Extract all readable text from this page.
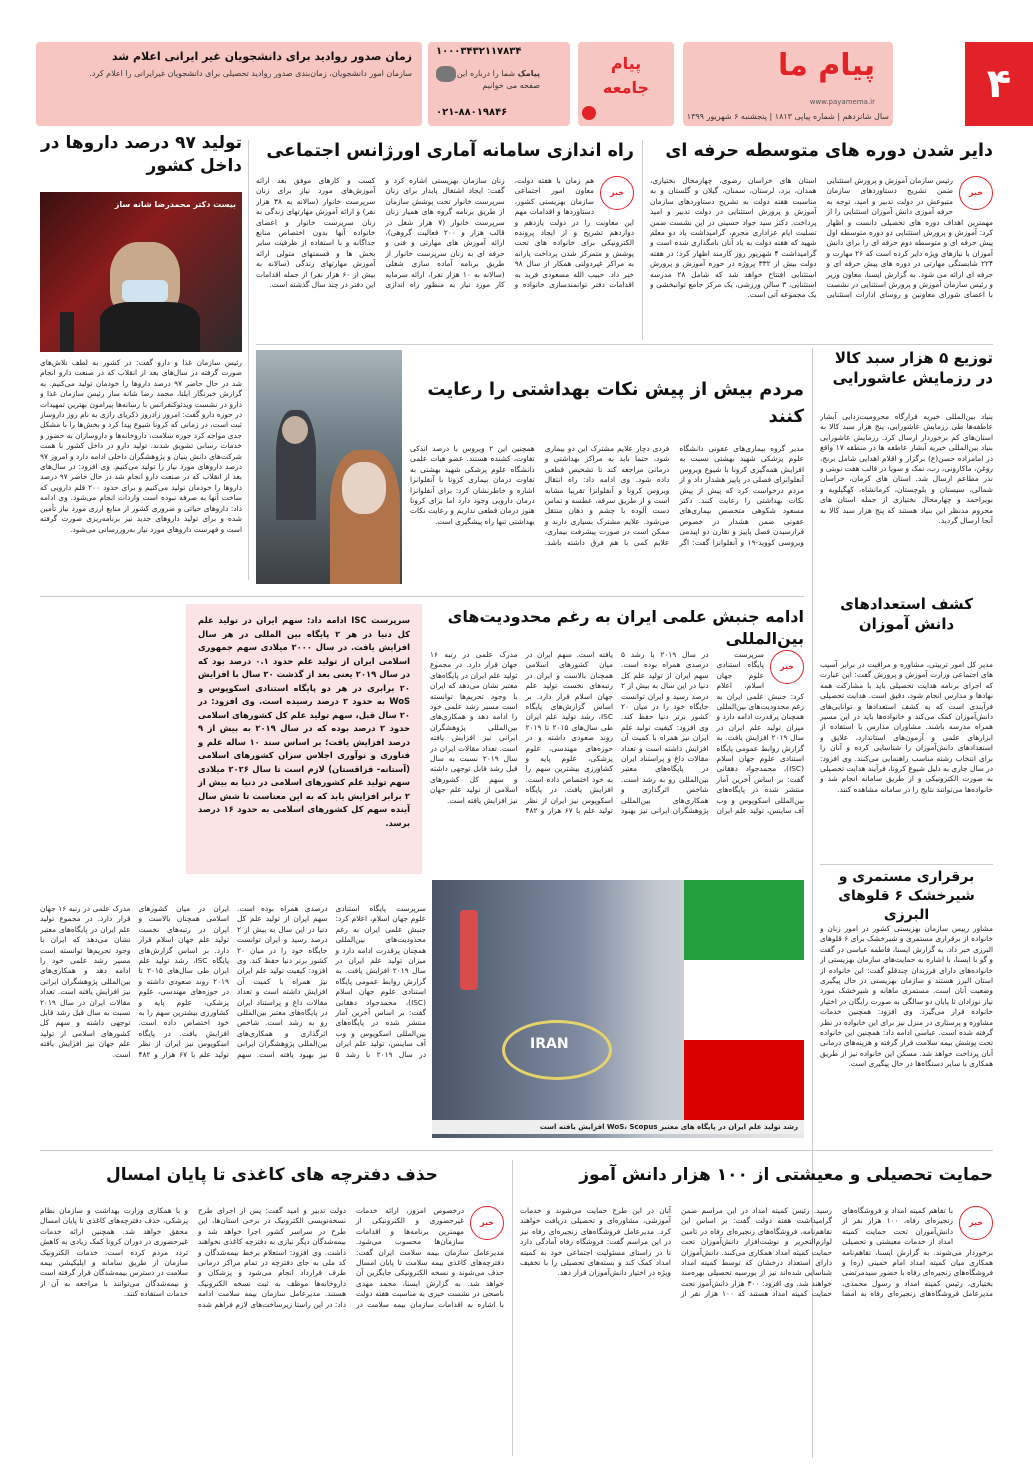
۴
پیام ما
www.payamema.ir
سال شانزدهم | شماره پیاپی ۱۸۱۳ | پنجشنبه ۶ شهریور ۱۳۹۹
پیام
جامعه
۱۰۰۰۳۴۳۲۱۱۷۸۳۴
پیامک شما را درباره این صفحه می خوانیم
۰۲۱-۸۸۰۱۹۸۴۶
زمان صدور روادید برای دانشجویان غیر ایرانی اعلام شد
سازمان امور دانشجویان، زمان‌بندی صدور روادید تحصیلی برای دانشجویان غیرایرانی را اعلام کرد.
دایر شدن دوره های متوسطه حرفه ای
خبر
رئیس سازمان آموزش و پرورش استثنایی ضمن تشریح دستاوردهای سازمان متبوعش در دولت تدبیر و امید، توجه به حرفه آموزی دانش آموزان استثنایی را از مهمترین اهداف دوره های تحصیلی دانست و اظهار کرد: آموزش و پرورش استثنایی دو دوره متوسطه اول پیش حرفه ای و متوسطه دوم حرفه ای را برای دانش آموزان با نیازهای ویژه دایر کرده است که ۲۶ مهارت و ۲۲۴ شایستگی مهارتی در دوره های پیش حرفه ای و حرفه ای ارائه می شود. به گزارش ایسنا، معاون وزیر و رئیس سازمان آموزش و پرورش استثنایی در نشست با اعضای شورای معاونین و روسای ادارات استثنایی استان های خراسان رضوی، چهارمحال بختیاری، همدان، یزد، لرستان، سمنان، گیلان و گلستان و به مناسبت هفته دولت به تشریح دستاوردهای سازمان آموزش و پرورش استثنایی در دولت تدبیر و امید پرداخت. دکتر سید جواد حسینی در این نشست ضمن تسلیت ایام عزاداری محرم، گرامیداشت یاد دو معلم شهید که هفته دولت به یاد آنان نامگذاری شده است و گرامیداشت ۴ شهریور روز کارمند اظهار کرد: در هفته دولت بیش از ۳۳۲ پروژه در حوزه آموزش و پرورش استثنایی افتتاح خواهد شد که شامل ۲۸ مدرسه استثنایی، ۳ سالن ورزشی، یک مرکز جامع توانبخشی و یک مجموعه آتی است.
راه اندازی سامانه آماری اورژانس اجتماعی
خبر
هم زمان با هفته دولت، معاون امور اجتماعی سازمان بهزیستی کشور، دستاوردها و اقدامات مهم این معاونت را در دولت یازدهم و دوازدهم تشریح و از ایجاد پرونده الکترونیکی برای خانواده های تحت پوشش و متمرکز شدن پرداخت یارانه به مراکز غیردولتی همکار از سال ۹۸ خبر داد. حبیب الله مسعودی فرید به اقدامات دفتر توانمندسازی خانواده و زنان سازمان بهزیستی اشاره کرد و گفت: ایجاد اشتغال پایدار برای زنان سرپرست خانوار تحت پوشش سازمان از طریق برنامه گروه های همیار زنان سرپرست خانوار (۷ هزار شغل در قالب هزار و ۲۰۰ فعالیت گروهی)، ارائه آموزش های مهارتی و فنی و حرفه ای به زنان سرپرست خانوار از طریق برنامه آماده سازی شغلی (سالانه به ۱۰ هزار نفر)، ارائه سرمایه کار مورد نیاز به منظور راه اندازی کسب و کارهای موفق بعد ارائه آموزش‌های مورد نیاز برای زنان سرپرست خانوار (سالانه به ۳۸ هزار نفر) و ارائه آموزش مهارتهای زندگی به زنان سرپرست خانوار و اعضای خانواده آنها بدون اختصاص منابع جداگانه و با استفاده از ظرفیت سایر بخش ها و قسمتهای متولی ارائه آموزش مهارتهای زندگی (سالانه به بیش از ۶۰ هزار نفر) از جمله اقدامات این دفتر در چند سال گذشته است.
تولید ۹۷ درصد داروها در داخل کشور
بیست دکتر محمدرضا شانه ساز
رئیس سازمان غذا و دارو گفت: در کشور به لطف تلاش‌های صورت گرفته در سال‌های بعد از انقلاب که در صنعت دارو انجام شد در حال حاضر ۹۷ درصد داروها را خودمان تولید می‌کنیم. به گزارش خبرنگار ایلنا، محمد رضا شانه ساز رئیس سازمان غذا و دارو در نشست ویدئوکنفرانس با رسانه‌ها پیرامون بهترین تمهیدات در حوزه دارو گفت: امروز زادروز ذکریای رازی به نام روز داروساز ثبت است، در زمانی که کرونا شیوع پیدا کرد و بخش‌ها را با مشکل جدی مواجه کرد حوزه سلامت، داروخانه‌ها و داروسازان به حضور و خدمات رسانی تشویق شدند. تولید دارو در داخل کشور با همت شرکت‌های دانش بنیان و پژوهشگران داخلی ادامه دارد و امروز ۹۷ درصد داروهای مورد نیاز را تولید می‌کنیم. وی افزود: در سال‌های بعد از انقلاب که در صنعت دارو انجام شد در حال حاضر ۹۷ درصد داروها را خودمان تولید می‌کنیم و برای حدود ۲۰۰ قلم دارویی که ساخت آنها به صرفه نبوده است واردات انجام می‌شود. وی ادامه داد: داروهای حیاتی و ضروری کشور از منابع ارزی مورد نیاز تأمین شده و برای تولید داروهای جدید نیز برنامه‌ریزی صورت گرفته است و فهرست داروهای مورد نیاز به‌روزرسانی می‌شود.
توزیع ۵ هزار سبد کالا در رزمایش عاشورایی
بنیاد بین‌المللی خیریه قرارگاه محرومیت‌زدایی آبشار عاطفه‌ها طی رزمایش عاشورایی، پنج هزار سبد کالا به استان‌های کم برخوردار ارسال کرد. رزمایش عاشورایی بنیاد بین‌المللی خیریه آبشار عاطفه ها در منطقه ۱۷ واقع در امامزاده حسن(ع) برگزار و اقلام اهدایی شامل برنج، روغن، ماکارونی، رب، نمک و سویا در قالب هفت نوبتی و نذر مطاعم ارسال شد. استان های کرمان، خراسان شمالی، سیستان و بلوچستان، کرمانشاه، کهگیلویه و بویراحمد و چهارمحال بختیاری از جمله استان های محروم مدنظر این بنیاد هستند که پنج هزار سبد کالا به آنجا ارسال گردید.
مردم بیش از پیش نکات بهداشتی را رعایت کنند
مدیر گروه بیماری‌های عفونی دانشگاه علوم پزشکی شهید بهشتی نسبت به افزایش همه‌گیری کرونا با شیوع ویروس آنفلوانزای فصلی در پاییز هشدار داد و از مردم درخواست کرد که پیش از پیش نکات بهداشتی را رعایت کنند. دکتر مسعود شکوهی متخصص بیماری‌های عفونی ضمن هشدار در خصوص فرارسیدن فصل پاییز و تقارن دو اپیدمی ویروسی کووید-۱۹ و آنفلوانزا گفت: اگر فردی دچار علایم مشترک این دو بیماری شود، حتما باید به مراکز بهداشتی و درمانی مراجعه کند تا تشخیص قطعی داده شود. وی ادامه داد: راه انتقال ویروس کرونا و آنفلوانزا تقریبا مشابه است و از طریق سرفه، عطسه و تماس دست آلوده با چشم و دهان منتقل می‌شود. علایم مشترک بسیاری دارند و ممکن است در صورت پیشرفت بیماری، علایم کمی با هم فرق داشته باشد. همچنین این ۲ ویروس با درصد اندکی تفاوت، کشنده هستند. عضو هیات علمی دانشگاه علوم پزشکی شهید بهشتی به تفاوت درمان بیماری کرونا با آنفلوانزا اشاره و خاطرنشان کرد: برای آنفلوانزا درمان دارویی وجود دارد اما برای کرونا هنوز درمان قطعی نداریم و رعایت نکات بهداشتی تنها راه پیشگیری است.
ادامه جنبش علمی ایران به رغم محدودیت‌های بین‌المللی
خبر
سرپرست پایگاه استنادی علوم جهان اسلام، اعلام کرد: جنبش علمی ایران به رغم محدودیت‌های بین‌المللی همچنان پرقدرت ادامه دارد و میزان تولید علم ایران در سال ۲۰۱۹ افزایش یافت. به گزارش روابط عمومی پایگاه استنادی علوم جهان اسلام (ISC)، محمدجواد دهقانی گفت: بر اساس آخرین آمار منتشر شده در پایگاه‌های بین‌المللی اسکوپوس و وب آف ساینس، تولید علم ایران در سال ۲۰۱۹ با رشد ۵ درصدی همراه بوده است. سهم ایران از تولید علم کل دنیا در این سال به بیش از ۲ درصد رسید و ایران توانست جایگاه خود را در میان ۲۰ کشور برتر دنیا حفظ کند. وی افزود: کیفیت تولید علم ایران نیز همراه با کمیت آن افزایش داشته است و تعداد مقالات داغ و پراستناد ایران در پایگاه‌های معتبر بین‌المللی رو به رشد است. شاخص اثرگذاری و همکاری‌های بین‌المللی پژوهشگران ایرانی نیز بهبود یافته است. سهم ایران در میان کشورهای اسلامی همچنان بالاست و ایران در رتبه‌های نخست تولید علم جهان اسلام قرار دارد. بر اساس گزارش‌های پایگاه ISC، رشد تولید علم ایران طی سال‌های ۲۰۱۵ تا ۲۰۱۹ روند صعودی داشته و در حوزه‌های مهندسی، علوم پزشکی، علوم پایه و کشاورزی بیشترین سهم را به خود اختصاص داده است. افزایش یافت. در پایگاه اسکوپوس نیز ایران از نظر تولید علم با ۶۷ هزار و ۴۸۲ مدرک علمی در رتبه ۱۶ جهان قرار دارد. در مجموع تولید علم ایران در پایگاه‌های معتبر نشان می‌دهد که ایران با وجود تحریم‌ها توانسته است مسیر رشد علمی خود را ادامه دهد و همکاری‌های بین‌المللی پژوهشگران ایرانی نیز افزایش یافته است. تعداد مقالات ایران در سال ۲۰۱۹ نسبت به سال قبل رشد قابل توجهی داشته و سهم کل کشورهای اسلامی از تولید علم جهان نیز افزایش یافته است.
سرپرست ISC ادامه داد: سهم ایران در تولید علم کل دنیا در هر ۲ پایگاه بین المللی در هر سال افزایش یافت. در سال ۲۰۰۰ میلادی سهم جمهوری اسلامی ایران از تولید علم حدود ۰.۱ درصد بود که در سال ۲۰۱۹ یعنی بعد از گذشت ۲۰ سال با افزایش ۲۰ برابری در هر دو پایگاه استنادی اسکوپوس و WoS به حدود ۲ درصد رسیده است. وی افزود: در ۲۰ سال قبل، سهم تولید علم کل کشورهای اسلامی حدود ۲ درصد بوده که در سال ۲۰۱۹ به بیش از ۹ درصد افزایش یافت؛ بر اساس سند ۱۰ ساله علم و فناوری و نوآوری اجلاس سران کشورهای اسلامی (آستانه- قزاقستان) لازم است تا سال ۲۰۲۶ میلادی سهم تولید علم کشورهای اسلامی در دنیا به بیش از ۲ برابر افزایش یابد که به این معناست تا شش سال آینده سهم کل کشورهای اسلامی به حدود ۱۶ درصد برسد.
سرپرست پایگاه استنادی علوم جهان اسلام، اعلام کرد: جنبش علمی ایران به رغم محدودیت‌های بین‌المللی همچنان پرقدرت ادامه دارد و میزان تولید علم ایران در سال ۲۰۱۹ افزایش یافت. به گزارش روابط عمومی پایگاه استنادی علوم جهان اسلام (ISC)، محمدجواد دهقانی گفت: بر اساس آخرین آمار منتشر شده در پایگاه‌های بین‌المللی اسکوپوس و وب آف ساینس، تولید علم ایران در سال ۲۰۱۹ با رشد ۵ درصدی همراه بوده است. سهم ایران از تولید علم کل دنیا در این سال به بیش از ۲ درصد رسید و ایران توانست جایگاه خود را در میان ۲۰ کشور برتر دنیا حفظ کند. وی افزود: کیفیت تولید علم ایران نیز همراه با کمیت آن افزایش داشته است و تعداد مقالات داغ و پراستناد ایران در پایگاه‌های معتبر بین‌المللی رو به رشد است. شاخص اثرگذاری و همکاری‌های بین‌المللی پژوهشگران ایرانی نیز بهبود یافته است. سهم ایران در میان کشورهای اسلامی همچنان بالاست و ایران در رتبه‌های نخست تولید علم جهان اسلام قرار دارد. بر اساس گزارش‌های پایگاه ISC، رشد تولید علم ایران طی سال‌های ۲۰۱۵ تا ۲۰۱۹ روند صعودی داشته و در حوزه‌های مهندسی، علوم پزشکی، علوم پایه و کشاورزی بیشترین سهم را به خود اختصاص داده است. افزایش یافت. در پایگاه اسکوپوس نیز ایران از نظر تولید علم با ۶۷ هزار و ۴۸۲ مدرک علمی در رتبه ۱۶ جهان قرار دارد. در مجموع تولید علم ایران در پایگاه‌های معتبر نشان می‌دهد که ایران با وجود تحریم‌ها توانسته است مسیر رشد علمی خود را ادامه دهد و همکاری‌های بین‌المللی پژوهشگران ایرانی نیز افزایش یافته است. تعداد مقالات ایران در سال ۲۰۱۹ نسبت به سال قبل رشد قابل توجهی داشته و سهم کل کشورهای اسلامی از تولید علم جهان نیز افزایش یافته است.
IRAN
رشد تولید علم ایران در پایگاه های معتبر WoS، Scopus افزایش یافته است
کشف استعدادهای دانش آموزان
مدیر کل امور تربیتی، مشاوره و مراقبت در برابر آسیب های اجتماعی وزارت آموزش و پرورش گفت: این عبارت که اجرای برنامه هدایت تحصیلی باید با مشارکت همه نهادها و مدارس انجام شود، دقیق است. هدایت تحصیلی فرآیندی است که به کشف استعدادها و توانایی‌های دانش‌آموزان کمک می‌کند و خانواده‌ها باید در این مسیر همراه مدرسه باشند. مشاوران مدارس با استفاده از ابزارهای علمی و آزمون‌های استاندارد، علایق و استعدادهای دانش‌آموزان را شناسایی کرده و آنان را برای انتخاب رشته مناسب راهنمایی می‌کنند. وی افزود: در سال جاری به دلیل شیوع کرونا، فرآیند هدایت تحصیلی به صورت الکترونیکی و از طریق سامانه انجام شد و خانواده‌ها می‌توانند نتایج را در سامانه مشاهده کنند.
برقراری مستمری و شیرخشک ۶ قلوهای البرزی
مشاور رییس سازمان بهزیستی کشور در امور زنان و خانواده از برقراری مستمری و شیرخشک برای ۶ قلوهای البرزی خبر داد. به گزارش ایسنا، فاطمه عباسی در گفت و گو با ایسنا، با اشاره به حمایت‌های سازمان بهزیستی از خانواده‌های دارای فرزندان چندقلو گفت: این خانواده از استان البرز هستند و سازمان بهزیستی در حال پیگیری وضعیت آنان است. مستمری ماهانه و شیرخشک مورد نیاز نوزادان تا پایان دو سالگی به صورت رایگان در اختیار خانواده قرار می‌گیرد. وی افزود: همچنین خدمات مشاوره و پرستاری در منزل نیز برای این خانواده در نظر گرفته شده است. عباسی ادامه داد: همچنین این خانواده تحت پوشش بیمه سلامت قرار گرفته و هزینه‌های درمانی آنان پرداخت خواهد شد. مسکن این خانواده نیز از طریق همکاری با سایر دستگاه‌ها در حال پیگیری است.
حمایت تحصیلی و معیشتی از ۱۰۰ هزار دانش آموز
خبر
با تفاهم کمیته امداد و فروشگاه‌های زنجیره‌ای رفاه، ۱۰۰ هزار نفر از دانش‌آموزان تحت حمایت کمیته امداد از خدمات معیشتی و تحصیلی برخوردار می‌شوند. به گزارش ایسنا، تفاهم‌نامه همکاری میان کمیته امداد امام خمینی (ره) و فروشگاه‌های زنجیره‌ای رفاه با حضور سیدمرتضی بختیاری، رئیس کمیته امداد و رسول محمدی، مدیرعامل فروشگاه‌های زنجیره‌ای رفاه به امضا رسید. رئیس کمیته امداد در این مراسم ضمن گرامیداشت هفته دولت گفت: بر اساس این تفاهم‌نامه، فروشگاه‌های زنجیره‌ای رفاه در تامین لوازم‌التحریر و نوشت‌افزار دانش‌آموزان تحت حمایت کمیته امداد همکاری می‌کنند. دانش‌آموزان دارای استعداد درخشان که توسط کمیته امداد شناسایی شده‌اند نیز از بورسیه تحصیلی بهره‌مند خواهند شد. وی افزود: ۳۰۰ هزار دانش‌آموز تحت حمایت کمیته امداد هستند که ۱۰۰ هزار نفر از آنان در این طرح حمایت می‌شوند و خدمات آموزشی، مشاوره‌ای و تحصیلی دریافت خواهند کرد. مدیرعامل فروشگاه‌های زنجیره‌ای رفاه نیز در این مراسم گفت: فروشگاه رفاه آمادگی دارد تا در راستای مسئولیت اجتماعی خود به کمیته امداد کمک کند و بسته‌های تحصیلی را با تخفیف ویژه در اختیار دانش‌آموزان قرار دهد.
حذف دفترچه های کاغذی تا پایان امسال
خبر
درخصوص امروز، ارائه خدمات غیرحضوری و الکترونیکی از مهمترین برنامه‌ها و اقدامات سازمان‌ها محسوب می‌شود. مدیرعامل سازمان بیمه سلامت ایران گفت: دفترچه‌های کاغذی بیمه سلامت تا پایان امسال حذف می‌شوند و نسخه الکترونیکی جایگزین آن خواهد شد. به گزارش ایسنا، محمد مهدی ناصحی در نشست خبری به مناسبت هفته دولت با اشاره به اقدامات سازمان بیمه سلامت در دولت تدبیر و امید گفت: پس از اجرای طرح نسخه‌نویسی الکترونیک در برخی استان‌ها، این طرح در سراسر کشور اجرا خواهد شد و بیمه‌شدگان دیگر نیازی به دفترچه کاغذی نخواهند داشت. وی افزود: استعلام برخط بیمه‌شدگان و کد ملی به جای دفترچه در تمام مراکز درمانی طرف قرارداد انجام می‌شود و پزشکان و داروخانه‌ها موظف به ثبت نسخه الکترونیک هستند. مدیرعامل سازمان بیمه سلامت ادامه داد: در این راستا زیرساخت‌های لازم فراهم شده و با همکاری وزارت بهداشت و سازمان نظام پزشکی، حذف دفترچه‌های کاغذی تا پایان امسال محقق خواهد شد. همچنین ارائه خدمات غیرحضوری در دوران کرونا کمک زیادی به کاهش تردد مردم کرده است. خدمات الکترونیک سازمان از طریق سامانه و اپلیکیشن بیمه سلامت در دسترس بیمه‌شدگان قرار گرفته است و بیمه‌شدگان می‌توانند با مراجعه به آن از خدمات استفاده کنند.
